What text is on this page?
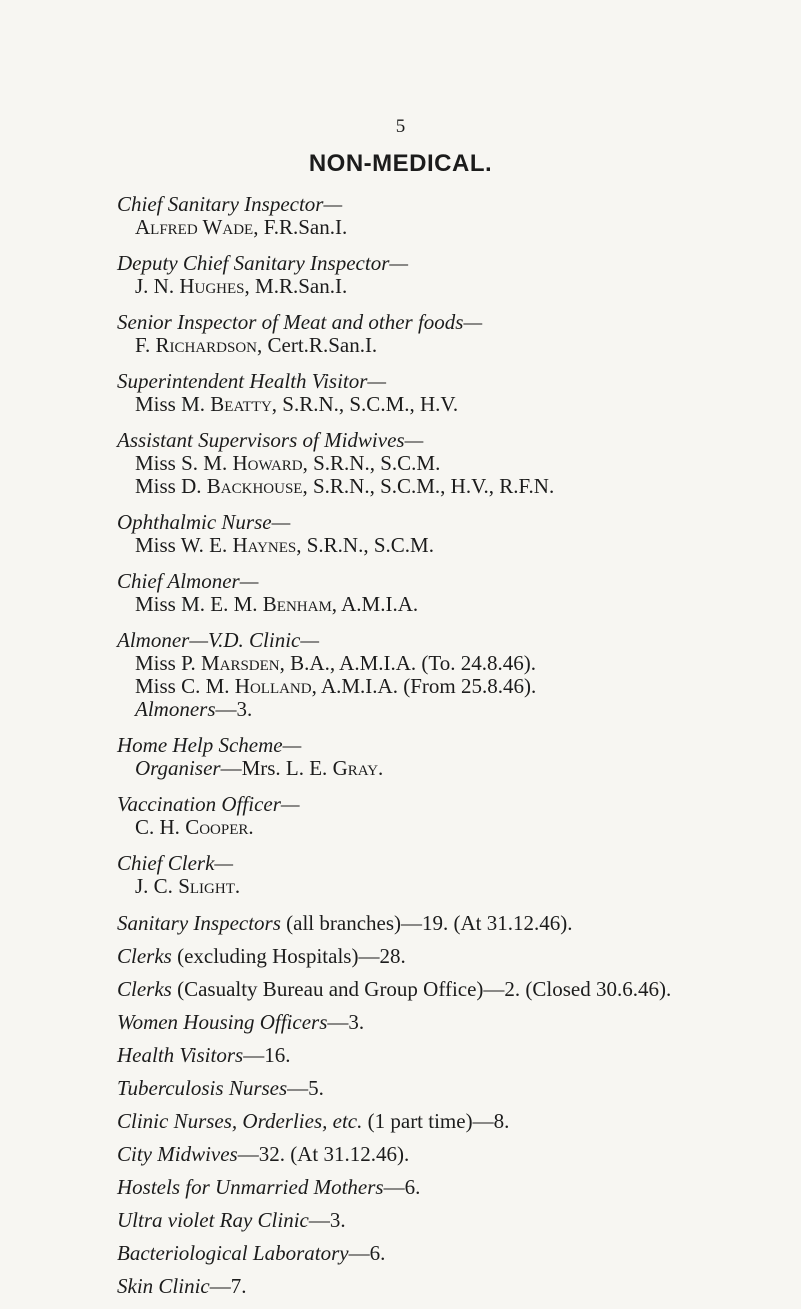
5
NON-MEDICAL.
Chief Sanitary Inspector—
Alfred Wade, F.R.San.I.
Deputy Chief Sanitary Inspector—
J. N. Hughes, M.R.San.I.
Senior Inspector of Meat and other foods—
F. Richardson, Cert.R.San.I.
Superintendent Health Visitor—
Miss M. Beatty, S.R.N., S.C.M., H.V.
Assistant Supervisors of Midwives—
Miss S. M. Howard, S.R.N., S.C.M.
Miss D. Backhouse, S.R.N., S.C.M., H.V., R.F.N.
Ophthalmic Nurse—
Miss W. E. Haynes, S.R.N., S.C.M.
Chief Almoner—
Miss M. E. M. Benham, A.M.I.A.
Almoner—V.D. Clinic—
Miss P. Marsden, B.A., A.M.I.A. (To. 24.8.46).
Miss C. M. Holland, A.M.I.A. (From 25.8.46).
Almoners—3.
Home Help Scheme—
Organiser—Mrs. L. E. Gray.
Vaccination Officer—
C. H. Cooper.
Chief Clerk—
J. C. Slight.
Sanitary Inspectors (all branches)—19. (At 31.12.46).
Clerks (excluding Hospitals)—28.
Clerks (Casualty Bureau and Group Office)—2. (Closed 30.6.46).
Women Housing Officers—3.
Health Visitors—16.
Tuberculosis Nurses—5.
Clinic Nurses, Orderlies, etc. (1 part time)—8.
City Midwives—32. (At 31.12.46).
Hostels for Unmarried Mothers—6.
Ultra violet Ray Clinic—3.
Bacteriological Laboratory—6.
Skin Clinic—7.
